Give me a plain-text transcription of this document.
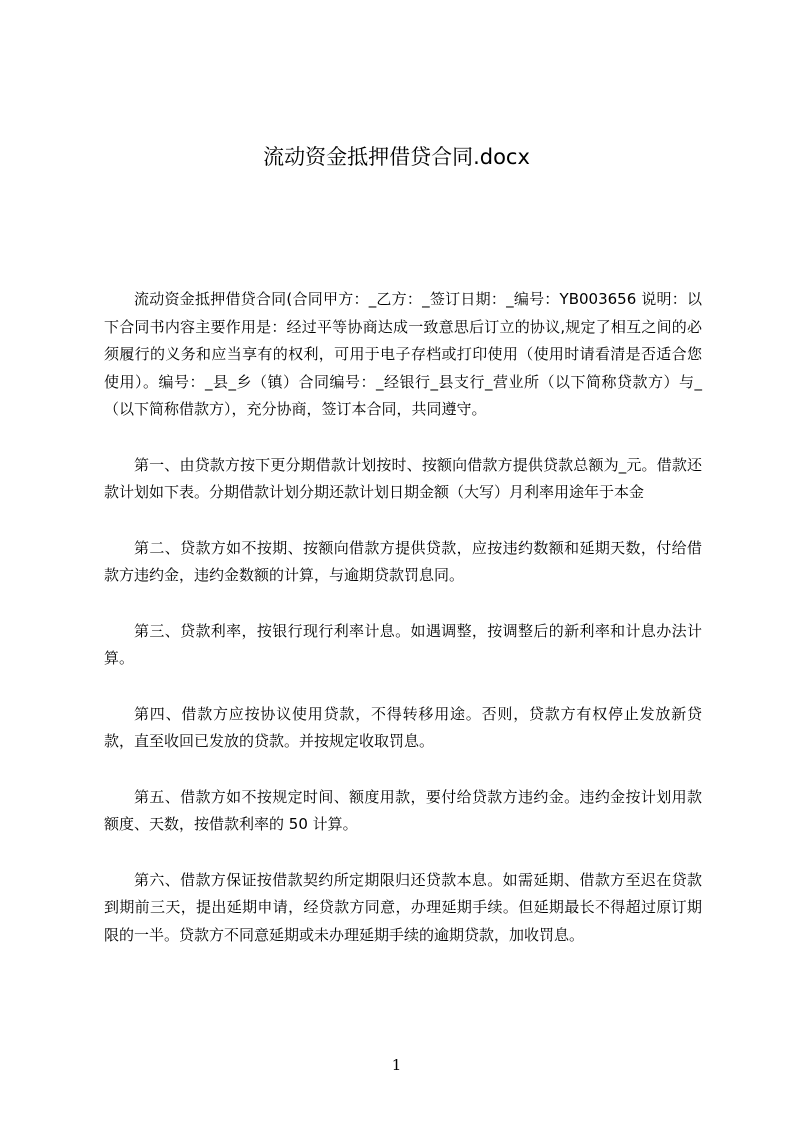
流动资金抵押借贷合同.docx

流动资金抵押借贷合同(合同甲方：_乙方：_签订日期：_编号：YB003656 说明：以下合同书内容主要作用是：经过平等协商达成一致意思后订立的协议,规定了相互之间的必须履行的义务和应当享有的权利，可用于电子存档或打印使用（使用时请看清是否适合您使用）。编号：_县_乡（镇）合同编号：_经银行_县支行_营业所（以下简称贷款方）与_（以下简称借款方），充分协商，签订本合同，共同遵守。

第一、由贷款方按下更分期借款计划按时、按额向借款方提供贷款总额为_元。借款还款计划如下表。分期借款计划分期还款计划日期金额（大写）月利率用途年于本金

第二、贷款方如不按期、按额向借款方提供贷款，应按违约数额和延期天数，付给借款方违约金，违约金数额的计算，与逾期贷款罚息同。

第三、贷款利率，按银行现行利率计息。如遇调整，按调整后的新利率和计息办法计算。

第四、借款方应按协议使用贷款，不得转移用途。否则，贷款方有权停止发放新贷款，直至收回已发放的贷款。并按规定收取罚息。

第五、借款方如不按规定时间、额度用款，要付给贷款方违约金。违约金按计划用款额度、天数，按借款利率的 50 计算。

第六、借款方保证按借款契约所定期限归还贷款本息。如需延期、借款方至迟在贷款到期前三天，提出延期申请，经贷款方同意，办理延期手续。但延期最长不得超过原订期限的一半。贷款方不同意延期或未办理延期手续的逾期贷款，加收罚息。

1
